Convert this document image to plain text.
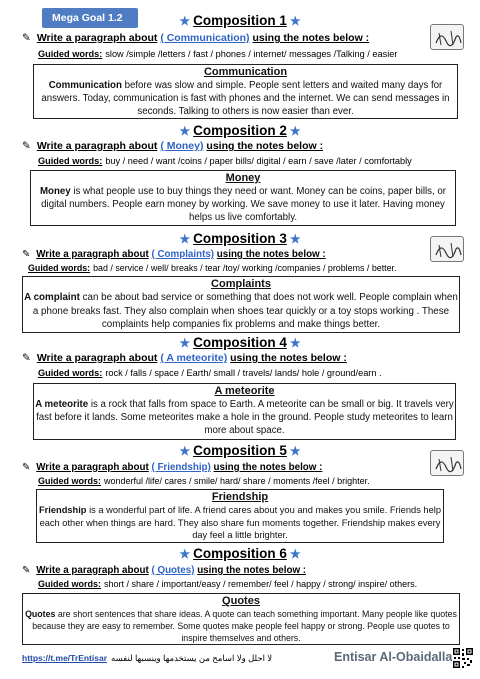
Mega Goal 1.2	★ Composition 1 ★
✎ Write a paragraph about ( Communication) using the notes below :
Guided words: slow /simple /letters / fast / phones / internet/ messages /Talking / easier
Communication
Communication before was slow and simple. People sent letters and waited many days for answers. Today, communication is fast with phones and the internet. We can send messages in seconds. Talking to others is now easier than ever.
★ Composition 2 ★
✎ Write a paragraph about ( Money) using the notes below :
Guided words: buy / need / want /coins / paper bills/ digital / earn / save /later / comfortably
Money
Money is what people use to buy things they need or want. Money can be coins, paper bills, or digital numbers. People earn money by working. We save money to use it later. Having money helps us live comfortably.
★ Composition 3 ★
✎ Write a paragraph about ( Complaints) using the notes below :
Guided words: bad / service / well/ breaks / tear /toy/ working /companies / problems / better.
Complaints
A complaint can be about bad service or something that does not work well. People complain when a phone breaks fast. They also complain when shoes tear quickly or a toy stops working . These complaints help companies fix problems and make things better.
★ Composition 4 ★
✎ Write a paragraph about ( A meteorite) using the notes below :
Guided words: rock / falls / space / Earth/ small / travels/ lands/ hole / ground/earn .
A meteorite
A meteorite is a rock that falls from space to Earth. A meteorite can be small or big. It travels very fast before it lands. Some meteorites make a hole in the ground. People study meteorites to learn more about space.
★ Composition 5 ★
✎ Write a paragraph about ( Friendship) using the notes below :
Guided words: wonderful /life/ cares / smile/ hard/ share / moments /feel / brighter.
Friendship
Friendship is a wonderful part of life. A friend cares about you and makes you smile. Friends help each other when things are hard. They also share fun moments together. Friendship makes every day feel a little brighter.
★ Composition 6 ★
✎ Write a paragraph about ( Quotes) using the notes below :
Guided words: short / share / important/easy / remember/ feel / happy / strong/ inspire/ others.
Quotes
Quotes are short sentences that share ideas. A quote can teach something important. Many people like quotes because they are easy to remember. Some quotes make people feel happy or strong. People use quotes to inspire themselves and others.
https://t.me/TrEntisar لا احلل ولا اسامح من يستخدمها وينسبها لنفسه	Entisar Al-Obaidalla
